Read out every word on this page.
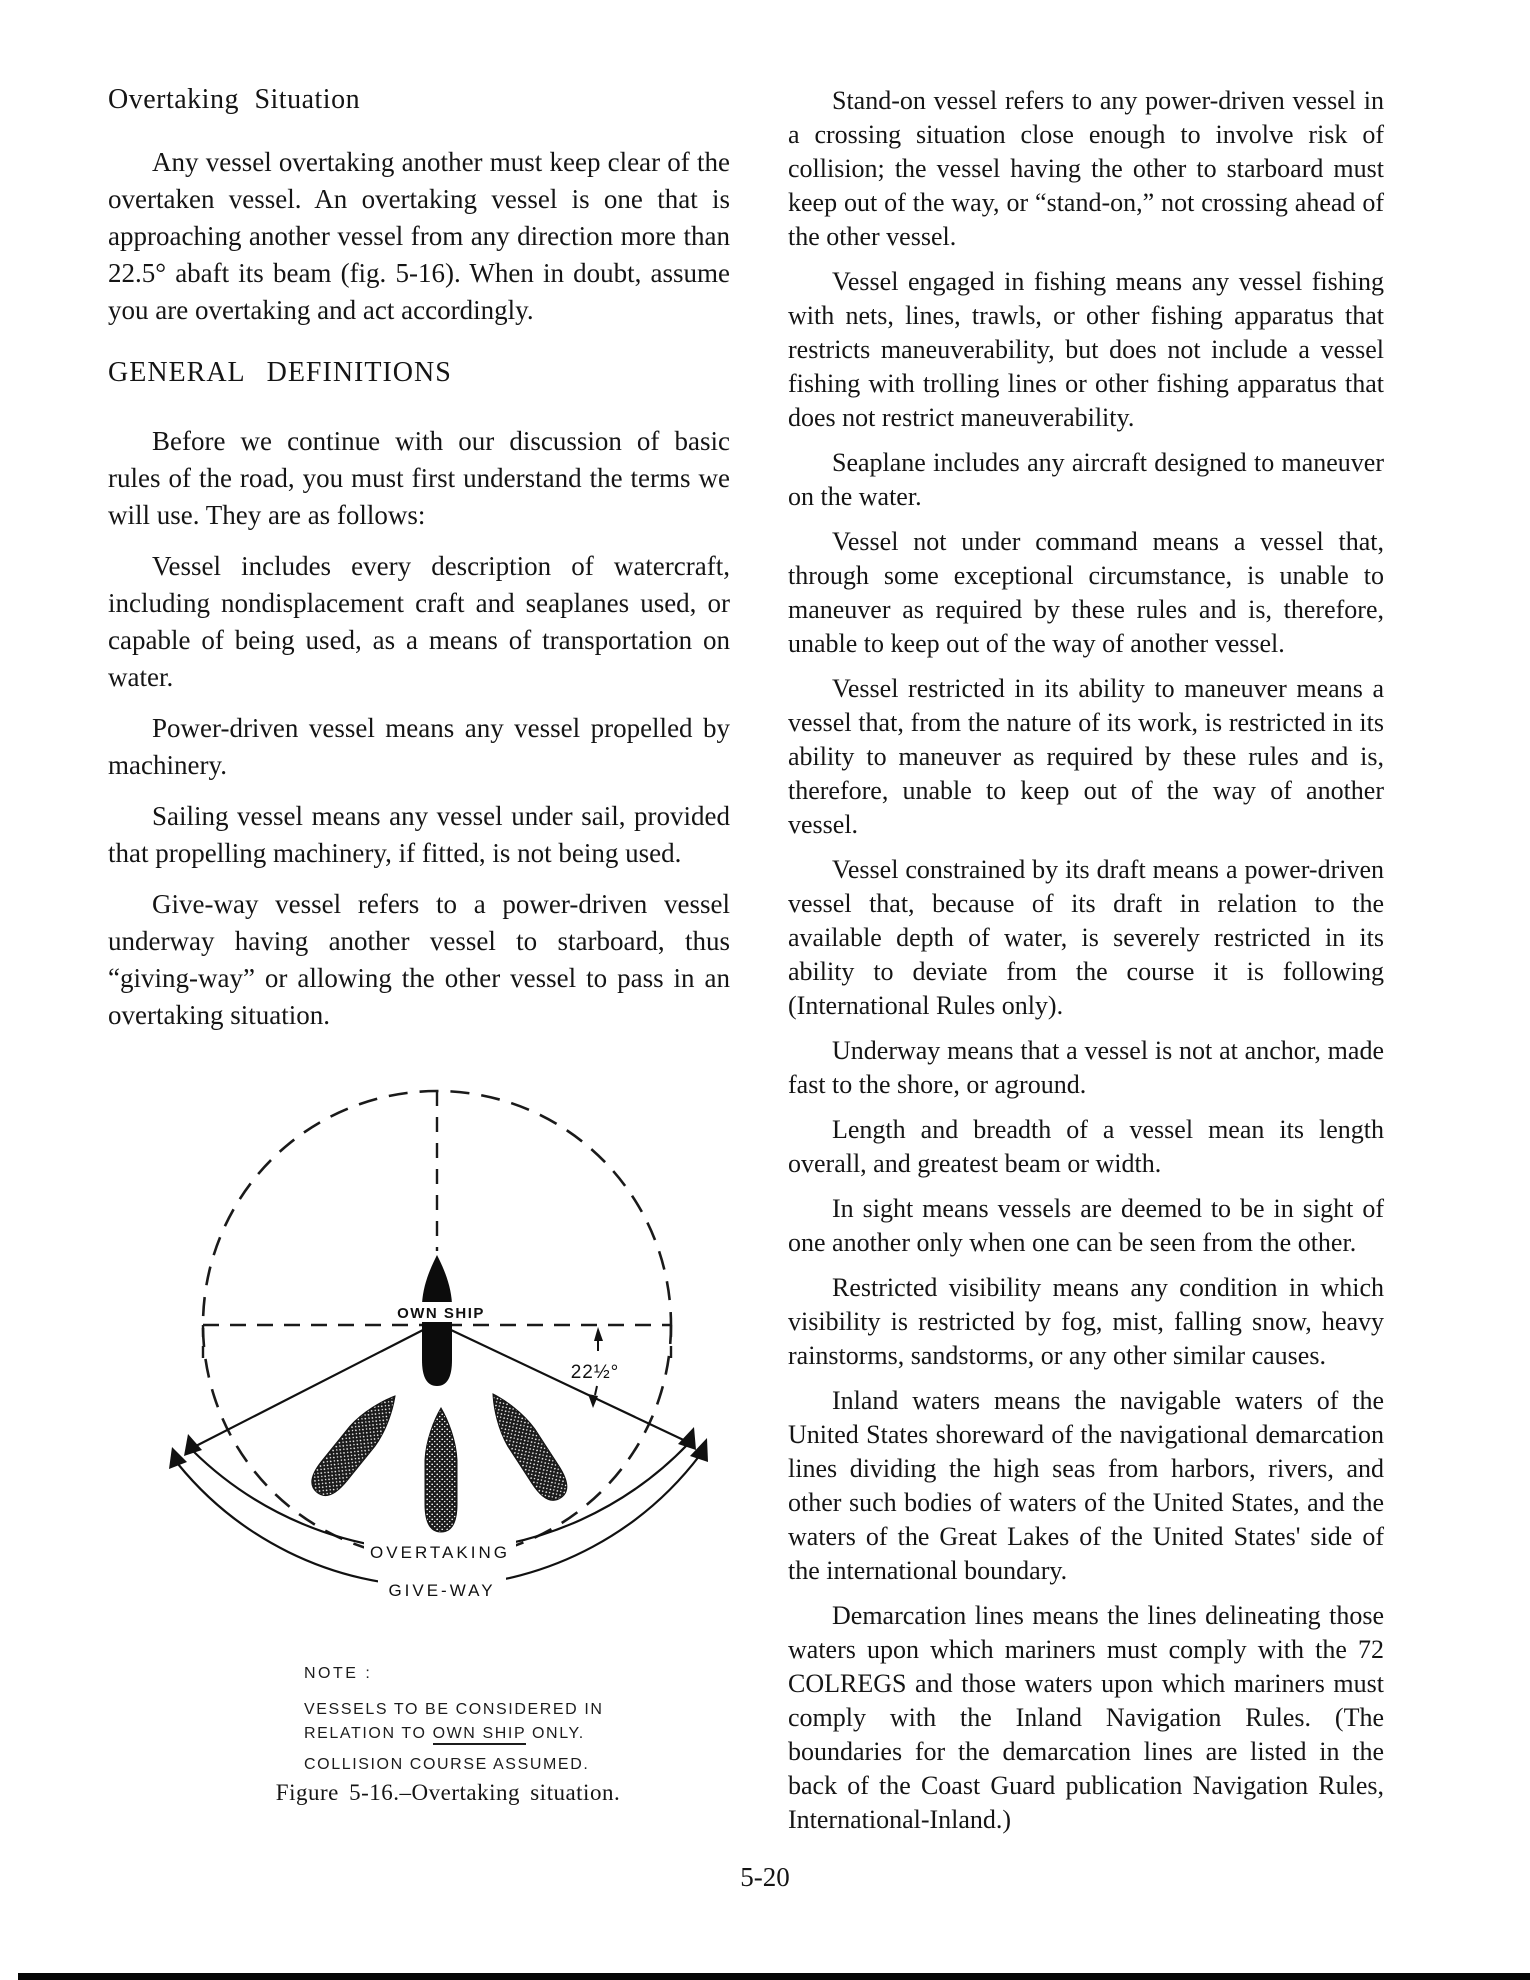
Overtaking Situation

Any vessel overtaking another must keep clear of the overtaken vessel. An overtaking vessel is one that is approaching another vessel from any direction more than 22.5° abaft its beam (fig. 5-16). When in doubt, assume you are overtaking and act accordingly.

GENERAL DEFINITIONS

Before we continue with our discussion of basic rules of the road, you must first understand the terms we will use. They are as follows:

Vessel includes every description of watercraft, including nondisplacement craft and seaplanes used, or capable of being used, as a means of transportation on water.

Power-driven vessel means any vessel propelled by machinery.

Sailing vessel means any vessel under sail, provided that propelling machinery, if fitted, is not being used.

Give-way vessel refers to a power-driven vessel underway having another vessel to starboard, thus “giving-way” or allowing the other vessel to pass in an overtaking situation.

OWN SHIP
22½°
OVERTAKING
GIVE-WAY
NOTE :
VESSELS TO BE CONSIDERED IN
RELATION TO OWN SHIP ONLY.
COLLISION COURSE ASSUMED.
Figure 5-16.–Overtaking situation.

Stand-on vessel refers to any power-driven vessel in a crossing situation close enough to involve risk of collision; the vessel having the other to starboard must keep out of the way, or “stand-on,” not crossing ahead of the other vessel.

Vessel engaged in fishing means any vessel fishing with nets, lines, trawls, or other fishing apparatus that restricts maneuverability, but does not include a vessel fishing with trolling lines or other fishing apparatus that does not restrict maneuverability.

Seaplane includes any aircraft designed to maneuver on the water.

Vessel not under command means a vessel that, through some exceptional circumstance, is unable to maneuver as required by these rules and is, therefore, unable to keep out of the way of another vessel.

Vessel restricted in its ability to maneuver means a vessel that, from the nature of its work, is restricted in its ability to maneuver as required by these rules and is, therefore, unable to keep out of the way of another vessel.

Vessel constrained by its draft means a power-driven vessel that, because of its draft in relation to the available depth of water, is severely restricted in its ability to deviate from the course it is following (International Rules only).

Underway means that a vessel is not at anchor, made fast to the shore, or aground.

Length and breadth of a vessel mean its length overall, and greatest beam or width.

In sight means vessels are deemed to be in sight of one another only when one can be seen from the other.

Restricted visibility means any condition in which visibility is restricted by fog, mist, falling snow, heavy rainstorms, sandstorms, or any other similar causes.

Inland waters means the navigable waters of the United States shoreward of the navigational demarcation lines dividing the high seas from harbors, rivers, and other such bodies of waters of the United States, and the waters of the Great Lakes of the United States' side of the international boundary.

Demarcation lines means the lines delineating those waters upon which mariners must comply with the 72 COLREGS and those waters upon which mariners must comply with the Inland Navigation Rules. (The boundaries for the demarcation lines are listed in the back of the Coast Guard publication Navigation Rules, International-Inland.)

5-20
